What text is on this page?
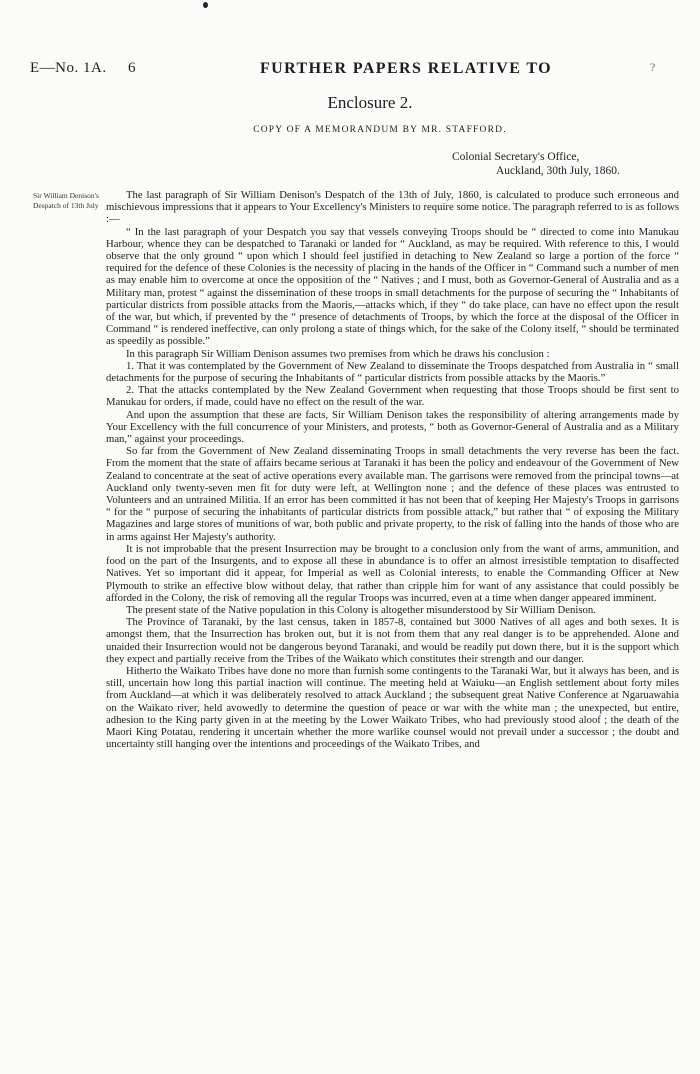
E—No. 1A. 6	FURTHER PAPERS RELATIVE TO	?
Enclosure 2.
COPY OF A MEMORANDUM BY MR. STAFFORD.
Colonial Secretary's Office,
Auckland, 30th July, 1860.
Sir William Denison's Despatch of 13th July

The last paragraph of Sir William Denison's Despatch of the 13th of July, 1860, is calculated to produce such erroneous and mischievous impressions that it appears to Your Excellency's Ministers to require some notice. The paragraph referred to is as follows :—

“ In the last paragraph of your Despatch you say that vessels conveying Troops should be “ directed to come into Manukau Harbour, whence they can be despatched to Taranaki or landed for “ Auckland, as may be required. With reference to this, I would observe that the only ground “ upon which I should feel justified in detaching to New Zealand so large a portion of the force “ required for the defence of these Colonies is the necessity of placing in the hands of the Officer in “ Command such a number of men as may enable him to overcome at once the opposition of the “ Natives ; and I must, both as Governor-General of Australia and as a Military man, protest “ against the dissemination of these troops in small detachments for the purpose of securing the “ Inhabitants of particular districts from possible attacks from the Maoris,—attacks which, if they “ do take place, can have no effect upon the result of the war, but which, if prevented by the “ presence of detachments of Troops, by which the force at the disposal of the Officer in Command “ is rendered ineffective, can only prolong a state of things which, for the sake of the Colony itself, “ should be terminated as speedily as possible.”

In this paragraph Sir William Denison assumes two premises from which he draws his conclusion :

1. That it was contemplated by the Government of New Zealand to disseminate the Troops despatched from Australia in “ small detachments for the purpose of securing the Inhabitants of “ particular districts from possible attacks by the Maoris.”

2. That the attacks contemplated by the New Zealand Government when requesting that those Troops should be first sent to Manukau for orders, if made, could have no effect on the result of the war.

And upon the assumption that these are facts, Sir William Denison takes the responsibility of altering arrangements made by Your Excellency with the full concurrence of your Ministers, and protests, “ both as Governor-General of Australia and as a Military man,” against your proceedings.

So far from the Government of New Zealand disseminating Troops in small detachments the very reverse has been the fact. From the moment that the state of affairs became serious at Taranaki it has been the policy and endeavour of the Government of New Zealand to concentrate at the seat of active operations every available man. The garrisons were removed from the principal towns—at Auckland only twenty-seven men fit for duty were left, at Wellington none ; and the defence of these places was entrusted to Volunteers and an untrained Militia. If an error has been committed it has not been that of keeping Her Majesty's Troops in garrisons “ for the “ purpose of securing the inhabitants of particular districts from possible attack,” but rather that “ of exposing the Military Magazines and large stores of munitions of war, both public and private property, to the risk of falling into the hands of those who are in arms against Her Majesty's authority.

It is not improbable that the present Insurrection may be brought to a conclusion only from the want of arms, ammunition, and food on the part of the Insurgents, and to expose all these in abundance is to offer an almost irresistible temptation to disaffected Natives. Yet so important did it appear, for Imperial as well as Colonial interests, to enable the Commanding Officer at New Plymouth to strike an effective blow without delay, that rather than cripple him for want of any assistance that could possibly be afforded in the Colony, the risk of removing all the regular Troops was incurred, even at a time when danger appeared imminent.

The present state of the Native population in this Colony is altogether misunderstood by Sir William Denison.

The Province of Taranaki, by the last census, taken in 1857-8, contained but 3000 Natives of all ages and both sexes. It is amongst them, that the Insurrection has broken out, but it is not from them that any real danger is to be apprehended. Alone and unaided their Insurrection would not be dangerous beyond Taranaki, and would be readily put down there, but it is the support which they expect and partially receive from the Tribes of the Waikato which constitutes their strength and our danger.

Hitherto the Waikato Tribes have done no more than furnish some contingents to the Taranaki War, but it always has been, and is still, uncertain how long this partial inaction will continue. The meeting held at Waiuku—an English settlement about forty miles from Auckland—at which it was deliberately resolved to attack Auckland ; the subsequent great Native Conference at Ngaruawahia on the Waikato river, held avowedly to determine the question of peace or war with the white man ; the unexpected, but entire, adhesion to the King party given in at the meeting by the Lower Waikato Tribes, who had previously stood aloof ; the death of the Maori King Potatau, rendering it uncertain whether the more warlike counsel would not prevail under a successor ; the doubt and uncertainty still hanging over the intentions and proceedings of the Waikato Tribes, and
